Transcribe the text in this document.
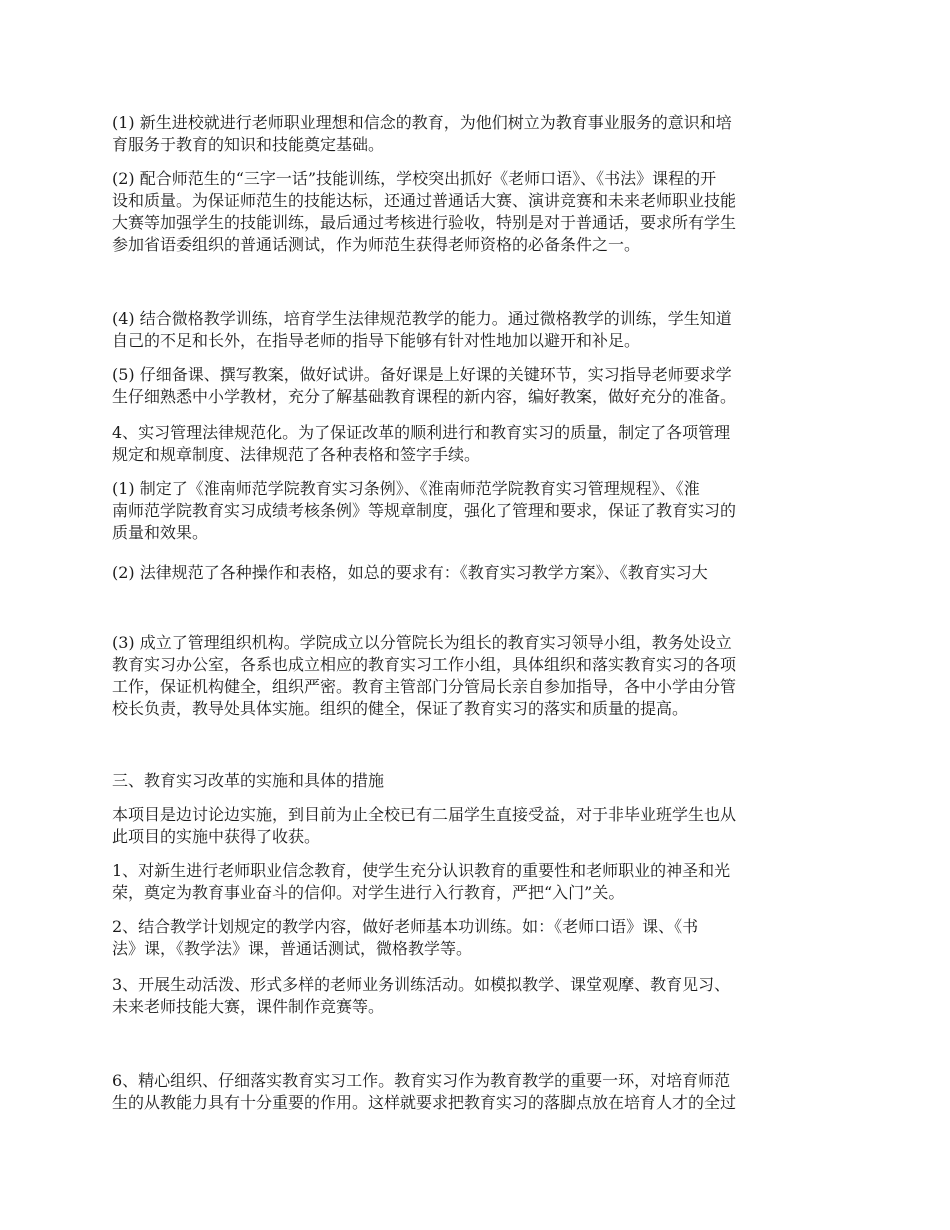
(1) 新生进校就进行老师职业理想和信念的教育，为他们树立为教育事业服务的意识和培
育服务于教育的知识和技能奠定基础。

(2) 配合师范生的“三字一话”技能训练，学校突出抓好《老师口语》、《书法》课程的开
设和质量。为保证师范生的技能达标，还通过普通话大赛、演讲竞赛和未来老师职业技能
大赛等加强学生的技能训练，最后通过考核进行验收，特别是对于普通话，要求所有学生
参加省语委组织的普通话测试，作为师范生获得老师资格的必备条件之一。

(4) 结合微格教学训练，培育学生法律规范教学的能力。通过微格教学的训练，学生知道
自己的不足和长外，在指导老师的指导下能够有针对性地加以避开和补足。

(5) 仔细备课、撰写教案，做好试讲。备好课是上好课的关键环节，实习指导老师要求学
生仔细熟悉中小学教材，充分了解基础教育课程的新内容，编好教案，做好充分的准备。

4、实习管理法律规范化。为了保证改革的顺利进行和教育实习的质量，制定了各项管理
规定和规章制度、法律规范了各种表格和签字手续。

(1) 制定了《淮南师范学院教育实习条例》、《淮南师范学院教育实习管理规程》、《淮
南师范学院教育实习成绩考核条例》等规章制度，强化了管理和要求，保证了教育实习的
质量和效果。

(2) 法律规范了各种操作和表格，如总的要求有：《教育实习教学方案》、《教育实习大

(3) 成立了管理组织机构。学院成立以分管院长为组长的教育实习领导小组，教务处设立
教育实习办公室，各系也成立相应的教育实习工作小组，具体组织和落实教育实习的各项
工作，保证机构健全，组织严密。教育主管部门分管局长亲自参加指导，各中小学由分管
校长负责，教导处具体实施。组织的健全，保证了教育实习的落实和质量的提高。

三、教育实习改革的实施和具体的措施

本项目是边讨论边实施，到目前为止全校已有二届学生直接受益，对于非毕业班学生也从
此项目的实施中获得了收获。

1、对新生进行老师职业信念教育，使学生充分认识教育的重要性和老师职业的神圣和光
荣，奠定为教育事业奋斗的信仰。对学生进行入行教育，严把“入门”关。

2、结合教学计划规定的教学内容，做好老师基本功训练。如：《老师口语》课、《书
法》课，《教学法》课，普通话测试，微格教学等。

3、开展生动活泼、形式多样的老师业务训练活动。如模拟教学、课堂观摩、教育见习、
未来老师技能大赛，课件制作竞赛等。

6、精心组织、仔细落实教育实习工作。教育实习作为教育教学的重要一环，对培育师范
生的从教能力具有十分重要的作用。这样就要求把教育实习的落脚点放在培育人才的全过
